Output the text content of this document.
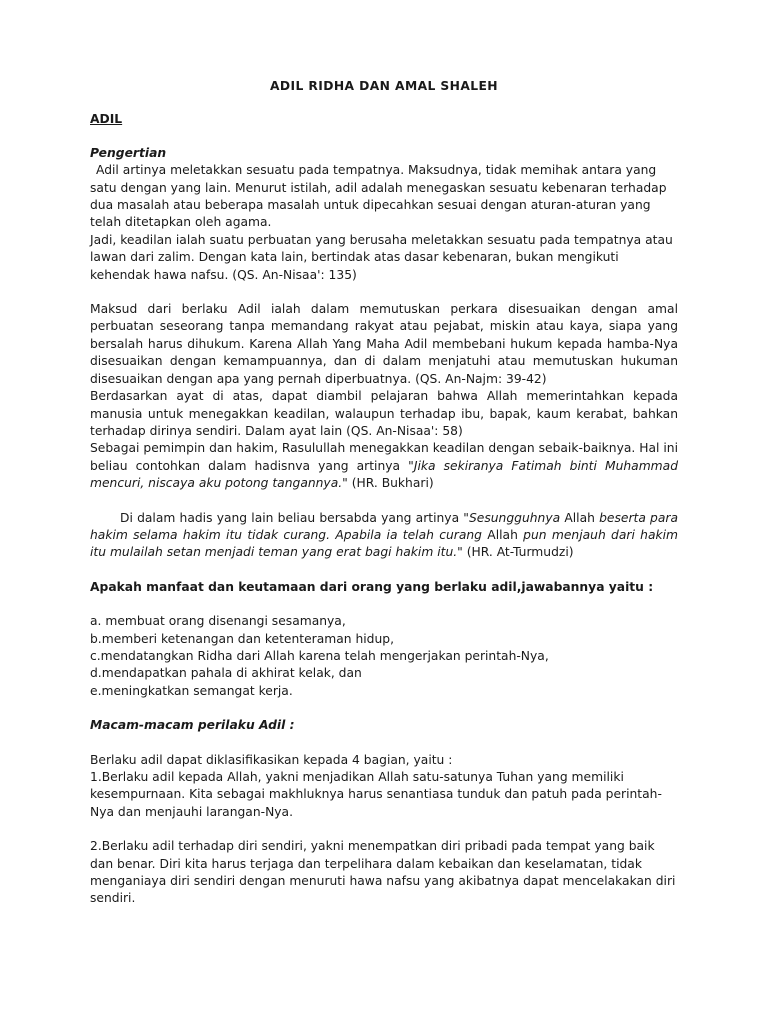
ADIL RIDHA DAN AMAL SHALEH

ADIL

Pengertian

Adil artinya meletakkan sesuatu pada tempatnya. Maksudnya, tidak memihak antara yang satu dengan yang lain. Menurut istilah, adil adalah menegaskan sesuatu kebenaran terhadap dua masalah atau beberapa masalah untuk dipecahkan sesuai dengan aturan-aturan yang telah ditetapkan oleh agama.

Jadi, keadilan ialah suatu perbuatan yang berusaha meletakkan sesuatu pada tempatnya atau lawan dari zalim. Dengan kata lain, bertindak atas dasar kebenaran, bukan mengikuti kehendak hawa nafsu. (QS. An-Nisaa': 135)

Maksud dari berlaku Adil ialah dalam memutuskan perkara disesuaikan dengan amal perbuatan seseorang tanpa memandang rakyat atau pejabat, miskin atau kaya, siapa yang bersalah harus dihukum. Karena Allah Yang Maha Adil membebani hukum kepada hamba-Nya disesuaikan dengan kemampuannya, dan di dalam menjatuhi atau memutuskan hukuman disesuaikan dengan apa yang pernah diperbuatnya. (QS. An-Najm: 39-42)

Berdasarkan ayat di atas, dapat diambil pelajaran bahwa Allah memerintahkan kepada manusia untuk menegakkan keadilan, walaupun terhadap ibu, bapak, kaum kerabat, bahkan terhadap dirinya sendiri. Dalam ayat lain (QS. An-Nisaa': 58)

Sebagai pemimpin dan hakim, Rasulullah menegakkan keadilan dengan sebaik-baiknya. Hal ini beliau contohkan dalam hadisnva yang artinya "Jika sekiranya Fatimah binti Muhammad mencuri, niscaya aku potong tangannya." (HR. Bukhari)

Di dalam hadis yang lain beliau bersabda yang artinya "Sesungguhnya Allah beserta para hakim selama hakim itu tidak curang. Apabila ia telah curang Allah pun menjauh dari hakim itu mulailah setan menjadi teman yang erat bagi hakim itu." (HR. At-Turmudzi)

Apakah manfaat dan keutamaan dari orang yang berlaku adil,jawabannya yaitu :

a. membuat orang disenangi sesamanya,
b.memberi ketenangan dan ketenteraman hidup,
c.mendatangkan Ridha dari Allah karena telah mengerjakan perintah-Nya,
d.mendapatkan pahala di akhirat kelak, dan
e.meningkatkan semangat kerja.

Macam-macam perilaku Adil :

Berlaku adil dapat diklasifikasikan kepada 4 bagian, yaitu :

1.Berlaku adil kepada Allah, yakni menjadikan Allah satu-satunya Tuhan yang memiliki kesempurnaan. Kita sebagai makhluknya harus senantiasa tunduk dan patuh pada perintah-Nya dan menjauhi larangan-Nya.

2.Berlaku adil terhadap diri sendiri, yakni menempatkan diri pribadi pada tempat yang baik dan benar. Diri kita harus terjaga dan terpelihara dalam kebaikan dan keselamatan, tidak menganiaya diri sendiri dengan menuruti hawa nafsu yang akibatnya dapat mencelakakan diri sendiri.
